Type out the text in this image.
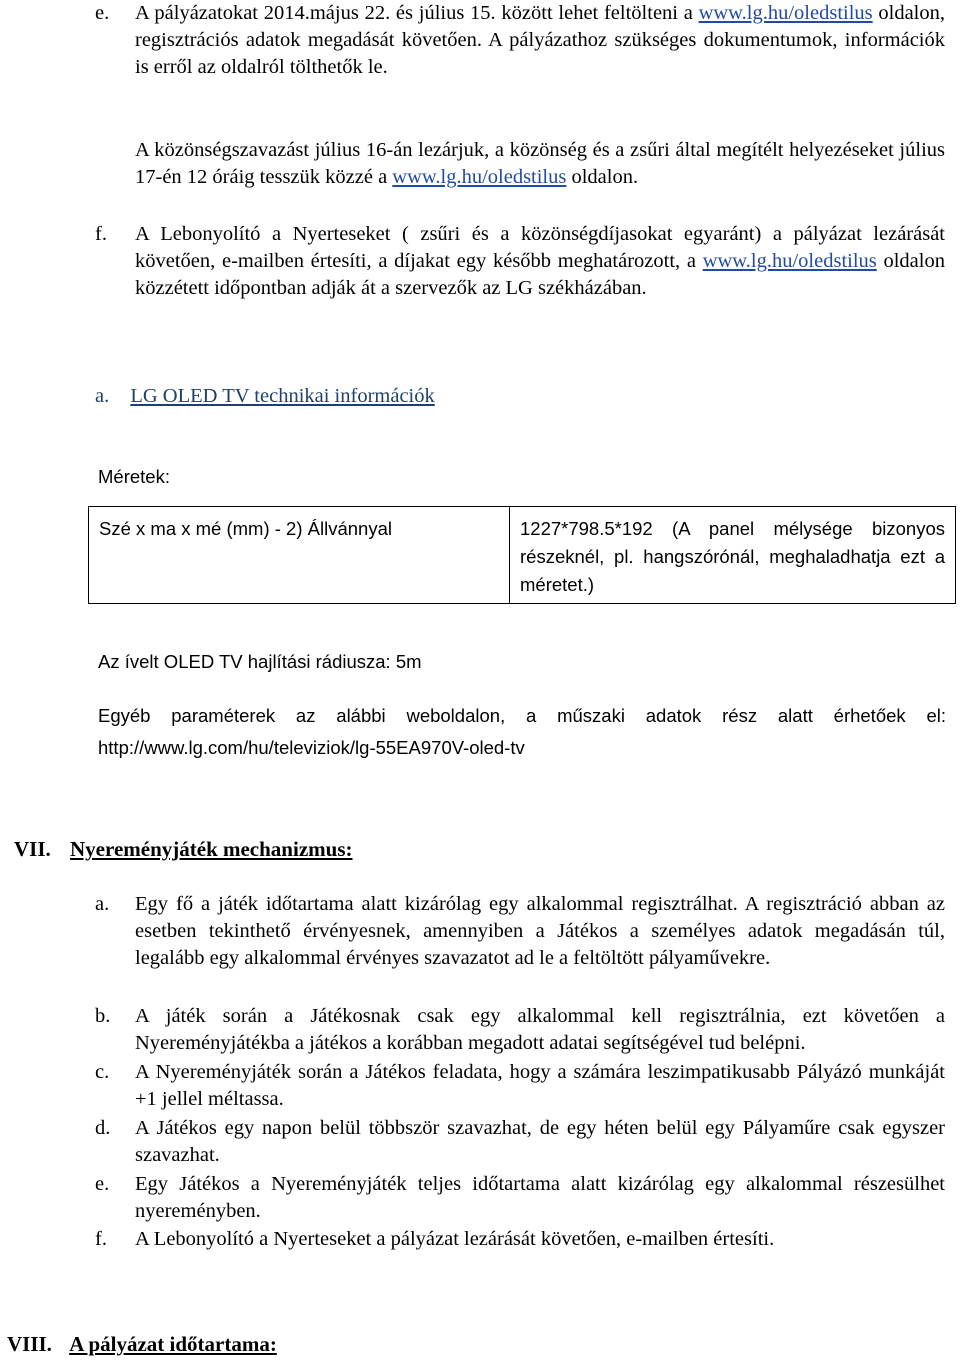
e. A pályázatokat 2014.május 22. és július 15. között lehet feltölteni a www.lg.hu/oledstilus oldalon, regisztrációs adatok megadását követően. A pályázathoz szükséges dokumentumok, információk is erről az oldalról tölthetők le.
A közönségszavazást július 16-án lezárjuk, a közönség és a zsűri által megítélt helyezéseket július 17-én 12 óráig tesszük közzé a www.lg.hu/oledstilus oldalon.
f. A Lebonyolító a Nyerteseket ( zsűri és a közönségdíjasokat egyaránt) a pályázat lezárását követően, e-mailben értesíti, a díjakat egy később meghatározott, a www.lg.hu/oledstilus oldalon közzétett időpontban adják át a szervezők az LG székházában.
a. LG OLED TV technikai információk
Méretek:
Szé x ma x mé (mm) - 2) Állvánnyal	1227*798.5*192 (A panel mélysége bizonyos részeknél, pl. hangszórónál, meghaladhatja ezt a méretet.)
Az ívelt OLED TV hajlítási rádiusza: 5m
Egyéb paraméterek az alábbi weboldalon, a műszaki adatok rész alatt érhetőek el: http://www.lg.com/hu/televiziok/lg-55EA970V-oled-tv
VII. Nyereményjáték mechanizmus:
a. Egy fő a játék időtartama alatt kizárólag egy alkalommal regisztrálhat. A regisztráció abban az esetben tekinthető érvényesnek, amennyiben a Játékos a személyes adatok megadásán túl, legalább egy alkalommal érvényes szavazatot ad le a feltöltött pályaművekre.
b. A játék során a Játékosnak csak egy alkalommal kell regisztrálnia, ezt követően a Nyereményjátékba a játékos a korábban megadott adatai segítségével tud belépni.
c. A Nyereményjáték során a Játékos feladata, hogy a számára leszimpatikusabb Pályázó munkáját +1 jellel méltassa.
d. A Játékos egy napon belül többször szavazhat, de egy héten belül egy Pályaműre csak egyszer szavazhat.
e. Egy Játékos a Nyereményjáték teljes időtartama alatt kizárólag egy alkalommal részesülhet nyereményben.
f. A Lebonyolító a Nyerteseket a pályázat lezárását követően, e-mailben értesíti.
VIII. A pályázat időtartama:
